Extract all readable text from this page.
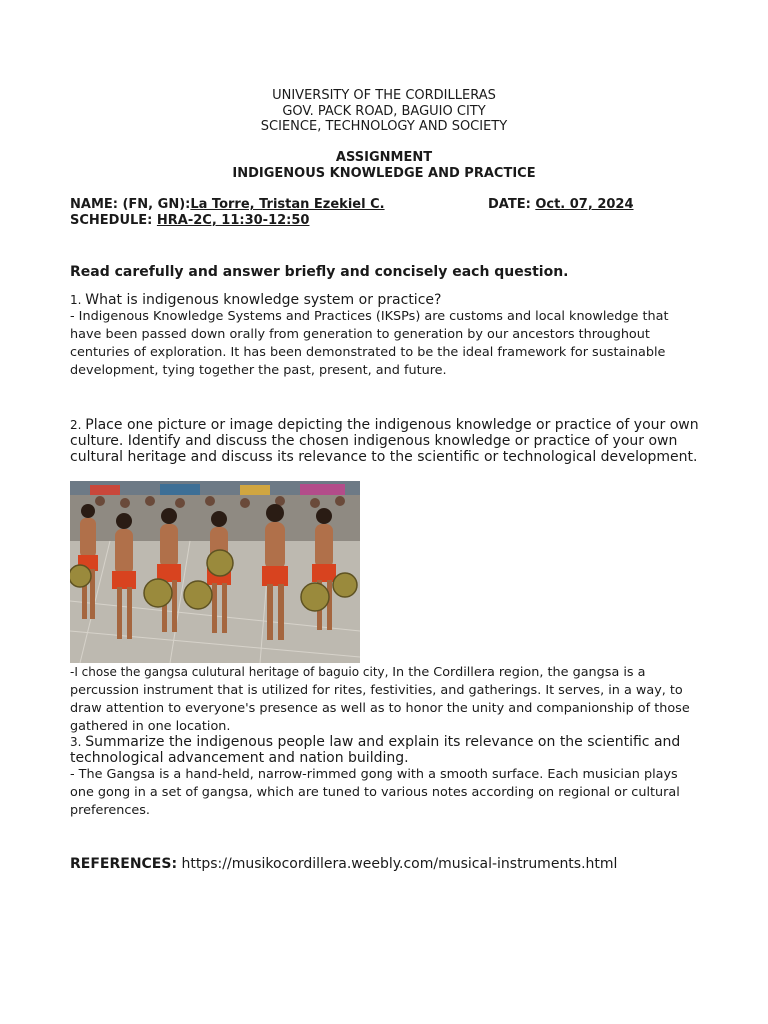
UNIVERSITY OF THE CORDILLERAS
GOV. PACK ROAD, BAGUIO CITY
SCIENCE, TECHNOLOGY AND SOCIETY
ASSIGNMENT
INDIGENOUS KNOWLEDGE AND PRACTICE
NAME: (FN, GN):La Torre, Tristan Ezekiel C.	DATE: Oct. 07, 2024
SCHEDULE: HRA-2C, 11:30-12:50
Read carefully and answer briefly and concisely each question.
1. What is indigenous knowledge system or practice?
- Indigenous Knowledge Systems and Practices (IKSPs) are customs and local knowledge that have been passed down orally from generation to generation by our ancestors throughout centuries of exploration. It has been demonstrated to be the ideal framework for sustainable development, tying together the past, present, and future.
2. Place one picture or image depicting the indigenous knowledge or practice of your own culture. Identify and discuss the chosen indigenous knowledge or practice of your own cultural heritage and discuss its relevance to the scientific or technological development.
-I chose the gangsa culutural heritage of baguio city, In the Cordillera region, the gangsa is a percussion instrument that is utilized for rites, festivities, and gatherings. It serves, in a way, to draw attention to everyone's presence as well as to honor the unity and companionship of those gathered in one location.
3. Summarize the indigenous people law and explain its relevance on the scientific and technological advancement and nation building.
- The Gangsa is a hand-held, narrow-rimmed gong with a smooth surface. Each musician plays one gong in a set of gangsa, which are tuned to various notes according on regional or cultural preferences.
REFERENCES: https://musikocordillera.weebly.com/musical-instruments.html
